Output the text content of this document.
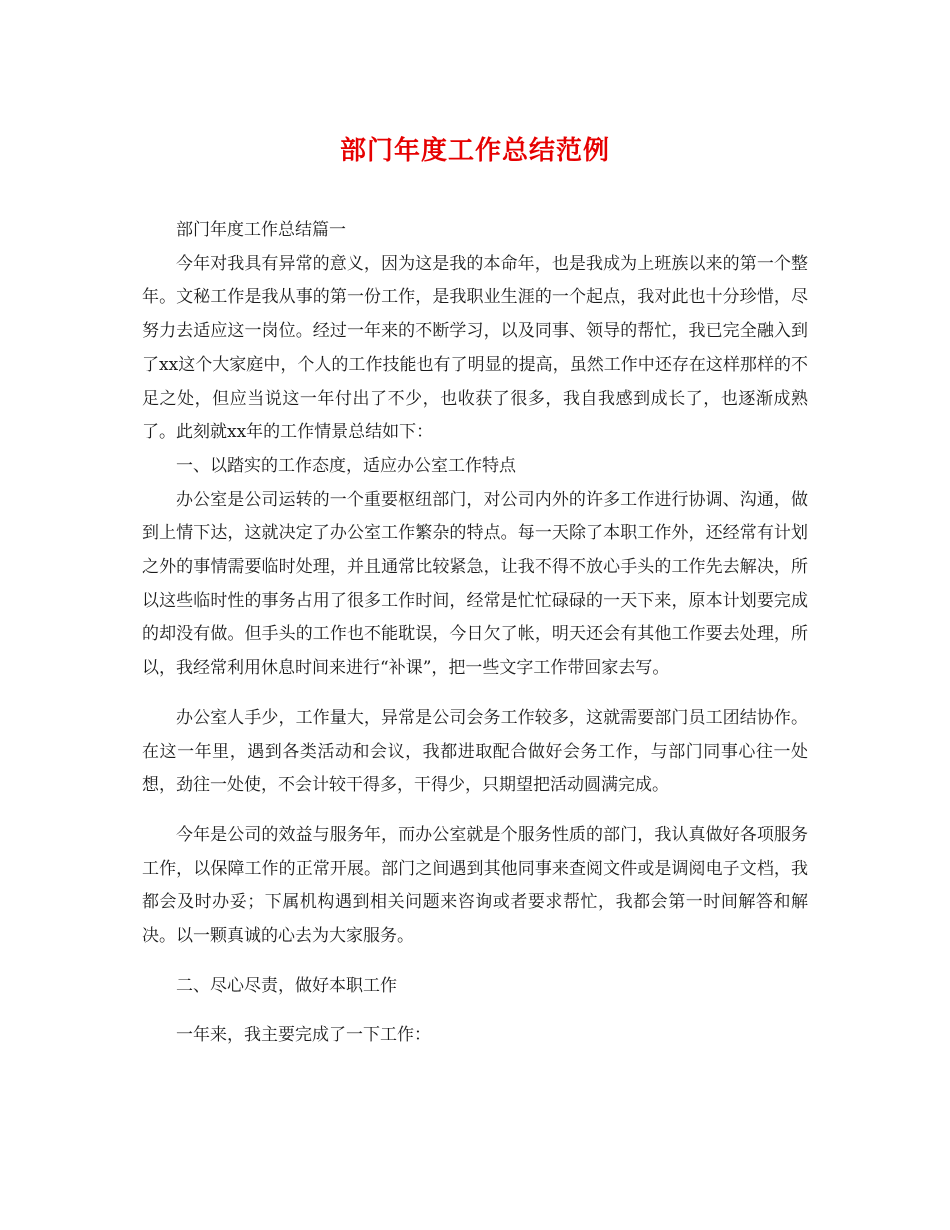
部门年度工作总结范例

部门年度工作总结篇一

今年对我具有异常的意义，因为这是我的本命年，也是我成为上班族以来的第一个整年。文秘工作是我从事的第一份工作，是我职业生涯的一个起点，我对此也十分珍惜，尽努力去适应这一岗位。经过一年来的不断学习，以及同事、领导的帮忙，我已完全融入到了xx这个大家庭中，个人的工作技能也有了明显的提高，虽然工作中还存在这样那样的不足之处，但应当说这一年付出了不少，也收获了很多，我自我感到成长了，也逐渐成熟了。此刻就xx年的工作情景总结如下：

一、以踏实的工作态度，适应办公室工作特点

办公室是公司运转的一个重要枢纽部门，对公司内外的许多工作进行协调、沟通，做到上情下达，这就决定了办公室工作繁杂的特点。每一天除了本职工作外，还经常有计划之外的事情需要临时处理，并且通常比较紧急，让我不得不放心手头的工作先去解决，所以这些临时性的事务占用了很多工作时间，经常是忙忙碌碌的一天下来，原本计划要完成的却没有做。但手头的工作也不能耽误，今日欠了帐，明天还会有其他工作要去处理，所以，我经常利用休息时间来进行“补课”，把一些文字工作带回家去写。

办公室人手少，工作量大，异常是公司会务工作较多，这就需要部门员工团结协作。在这一年里，遇到各类活动和会议，我都进取配合做好会务工作，与部门同事心往一处想，劲往一处使，不会计较干得多，干得少，只期望把活动圆满完成。

今年是公司的效益与服务年，而办公室就是个服务性质的部门，我认真做好各项服务工作，以保障工作的正常开展。部门之间遇到其他同事来查阅文件或是调阅电子文档，我都会及时办妥；下属机构遇到相关问题来咨询或者要求帮忙，我都会第一时间解答和解决。以一颗真诚的心去为大家服务。

二、尽心尽责，做好本职工作

一年来，我主要完成了一下工作：
